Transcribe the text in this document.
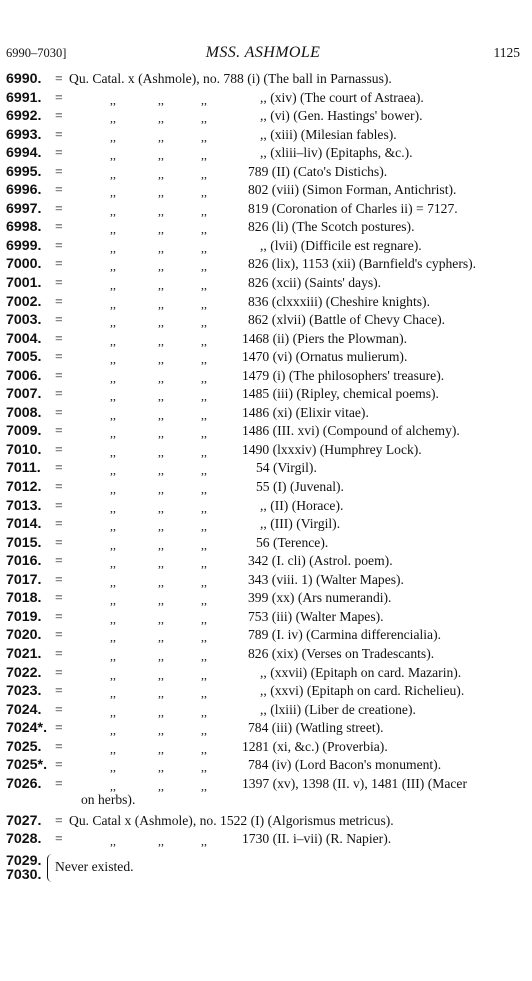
6990–7030]	MSS. ASHMOLE	1125
6990. = Qu. Catal. x (Ashmole), no. 788 (i) (The ball in Parnassus).
6991. =	,,	,,	,,	,, (xiv) (The court of Astraea).
6992. =	,,	,,	,,	,, (vi) (Gen. Hastings' bower).
6993. =	,,	,,	,,	,, (xiii) (Milesian fables).
6994. =	,,	,,	,,	,, (xliii–liv) (Epitaphs, &c.).
6995. =	,,	,,	,,	789 (II) (Cato's Distichs).
6996. =	,,	,,	,,	802 (viii) (Simon Forman, Antichrist).
6997. =	,,	,,	,,	819 (Coronation of Charles ii) = 7127.
6998. =	,,	,,	,,	826 (li) (The Scotch postures).
6999. =	,,	,,	,,	,, (lvii) (Difficile est regnare).
7000. =	,,	,,	,,	826 (lix), 1153 (xii) (Barnfield's cyphers).
7001. =	,,	,,	,,	826 (xcii) (Saints' days).
7002. =	,,	,,	,,	836 (clxxxiii) (Cheshire knights).
7003. =	,,	,,	,,	862 (xlvii) (Battle of Chevy Chace).
7004. =	,,	,,	,,	1468 (ii) (Piers the Plowman).
7005. =	,,	,,	,,	1470 (vi) (Ornatus mulierum).
7006. =	,,	,,	,,	1479 (i) (The philosophers' treasure).
7007. =	,,	,,	,,	1485 (iii) (Ripley, chemical poems).
7008. =	,,	,,	,,	1486 (xi) (Elixir vitae).
7009. =	,,	,,	,,	1486 (III. xvi) (Compound of alchemy).
7010. =	,,	,,	,,	1490 (lxxxiv) (Humphrey Lock).
7011. =	,,	,,	,,	54 (Virgil).
7012. =	,,	,,	,,	55 (I) (Juvenal).
7013. =	,,	,,	,,	,, (II) (Horace).
7014. =	,,	,,	,,	,, (III) (Virgil).
7015. =	,,	,,	,,	56 (Terence).
7016. =	,,	,,	,,	342 (I. cli) (Astrol. poem).
7017. =	,,	,,	,,	343 (viii. 1) (Walter Mapes).
7018. =	,,	,,	,,	399 (xx) (Ars numerandi).
7019. =	,,	,,	,,	753 (iii) (Walter Mapes).
7020. =	,,	,,	,,	789 (I. iv) (Carmina differencialia).
7021. =	,,	,,	,,	826 (xix) (Verses on Tradescants).
7022. =	,,	,,	,,	,, (xxvii) (Epitaph on card. Mazarin).
7023. =	,,	,,	,,	,, (xxvi) (Epitaph on card. Richelieu).
7024. =	,,	,,	,,	,, (lxiii) (Liber de creatione).
7024*. =	,,	,,	,,	784 (iii) (Watling street).
7025. =	,,	,,	,,	1281 (xi, &c.) (Proverbia).
7025*. =	,,	,,	,,	784 (iv) (Lord Bacon's monument).
7026. =	,,	,,	,,	1397 (xv), 1398 (II. v), 1481 (III) (Macer
on herbs).
7027. = Qu. Catal x (Ashmole), no. 1522 (I) (Algorismus metricus).
7028. =	,,	,,	,,	1730 (II. i–vii) (R. Napier).
7029.
7030.
Never existed.
